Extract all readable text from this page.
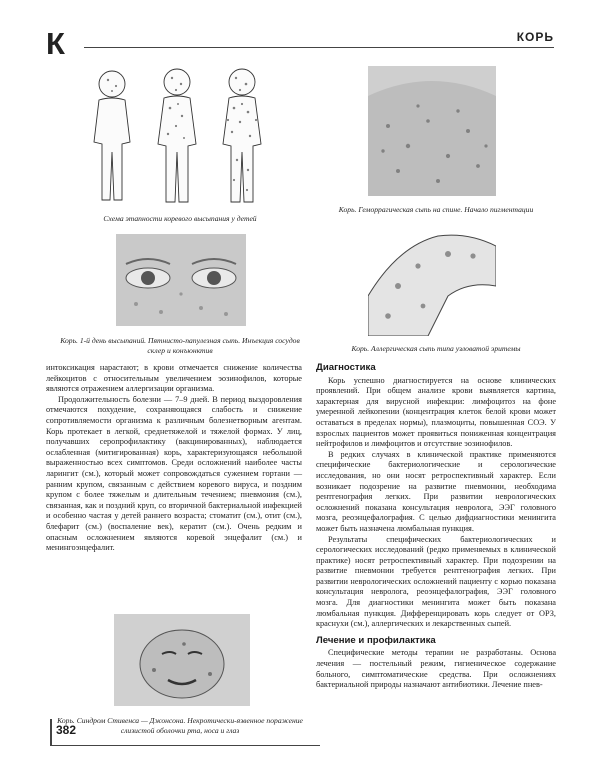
К	КОРЬ
Схема этапности коревого высыпания у детей
Корь. Геморрагическая сыпь на спине. Начало пигментации
Корь. 1-й день высыпаний. Пятнисто-папулезная сыпь. Инъекция сосудов склер и конъюнктив	Корь. Аллергическая сыпь типа узловатой эритемы

интоксикация нарастают; в крови отмечается снижение количества лейкоцитов с относительным увеличением эозинофилов, которые являются отражением аллергизации организма.

Продолжительность болезни — 7–9 дней. В период выздоровления отмечаются похудение, сохраняющаяся слабость и снижение сопротивляемости организма к различным болезнетворным агентам. Корь протекает в легкой, среднетяжелой и тяжелой формах. У лиц, получавших серопрофилактику (вакцинированных), наблюдается ослабленная (митигированная) корь, характеризующаяся небольшой выраженностью всех симптомов. Среди осложнений наиболее часты ларингит (см.), который может сопровождаться сужением гортани — ранним крупом, связанным с действием коревого вируса, и поздним крупом с более тяжелым и длительным течением; пневмония (см.), связанная, как и поздний круп, со вторичной бактериальной инфекцией и особенно частая у детей раннего возраста; стоматит (см.), отит (см.), блефарит (см.) (воспаление век), кератит (см.). Очень редким и опасным осложнением являются коревой энцефалит (см.) и менингоэнцефалит.

Корь. Синдром Стивенса — Джонсона. Некротически-язвенное поражение слизистой оболочки рта, носа и глаз
Диагностика

Корь успешно диагностируется на основе клинических проявлений. При общем анализе крови выявляется картина, характерная для вирусной инфекции: лимфоцитоз на фоне умеренной лейкопении (концентрация клеток белой крови может оставаться в пределах нормы), плазмоциты, повышенная СОЭ. У взрослых пациентов может проявиться пониженная концентрация нейтрофилов и лимфоцитов и отсутствие эозинофилов.

В редких случаях в клинической практике применяются специфические бактериологические и серологические исследования, но они носят ретроспективный характер. Если возникает подозрение на развитие пневмонии, необходима рентгенография легких. При развитии неврологических осложнений показана консультация невролога, ЭЭГ головного мозга, реоэнцефалография. С целью дифдиагностики менингита может быть назначена люмбальная пункция.

Результаты специфических бактериологических и серологических исследований (редко применяемых в клинической практике) носят ретроспективный характер. При подозрении на развитие пневмонии требуется рентгенография легких. При развитии неврологических осложнений пациенту с корью показана консультация невролога, реоэнцефалография, ЭЭГ головного мозга. Для диагностики менингита может быть показана люмбальная пункция. Дифференцировать корь следует от ОРЗ, краснухи (см.), аллергических и лекарственных сыпей.

Лечение и профилактика

Специфические методы терапии не разработаны. Основа лечения — постельный режим, гигиеническое содержание больного, симптоматические средства. При осложнениях бактериальной природы назначают антибиотики. Лечение пнев-

382
